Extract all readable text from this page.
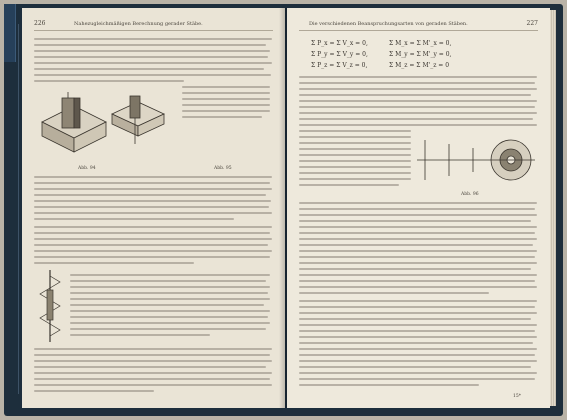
226	Nahezugleichmäßigen Berechnung gerader Stäbe.
Abb. 94	Abb. 95
Die verschiedenen Beanspruchungsarten von geraden Stäben.	227
Σ P_x = Σ V_x = 0,	Σ M_x = Σ M'_x = 0,
Σ P_y = Σ V_y = 0,	Σ M_y = Σ M'_y = 0,
Σ P_z = Σ V_z = 0,	Σ M_z = Σ M'_z = 0
Abb. 96
15*
